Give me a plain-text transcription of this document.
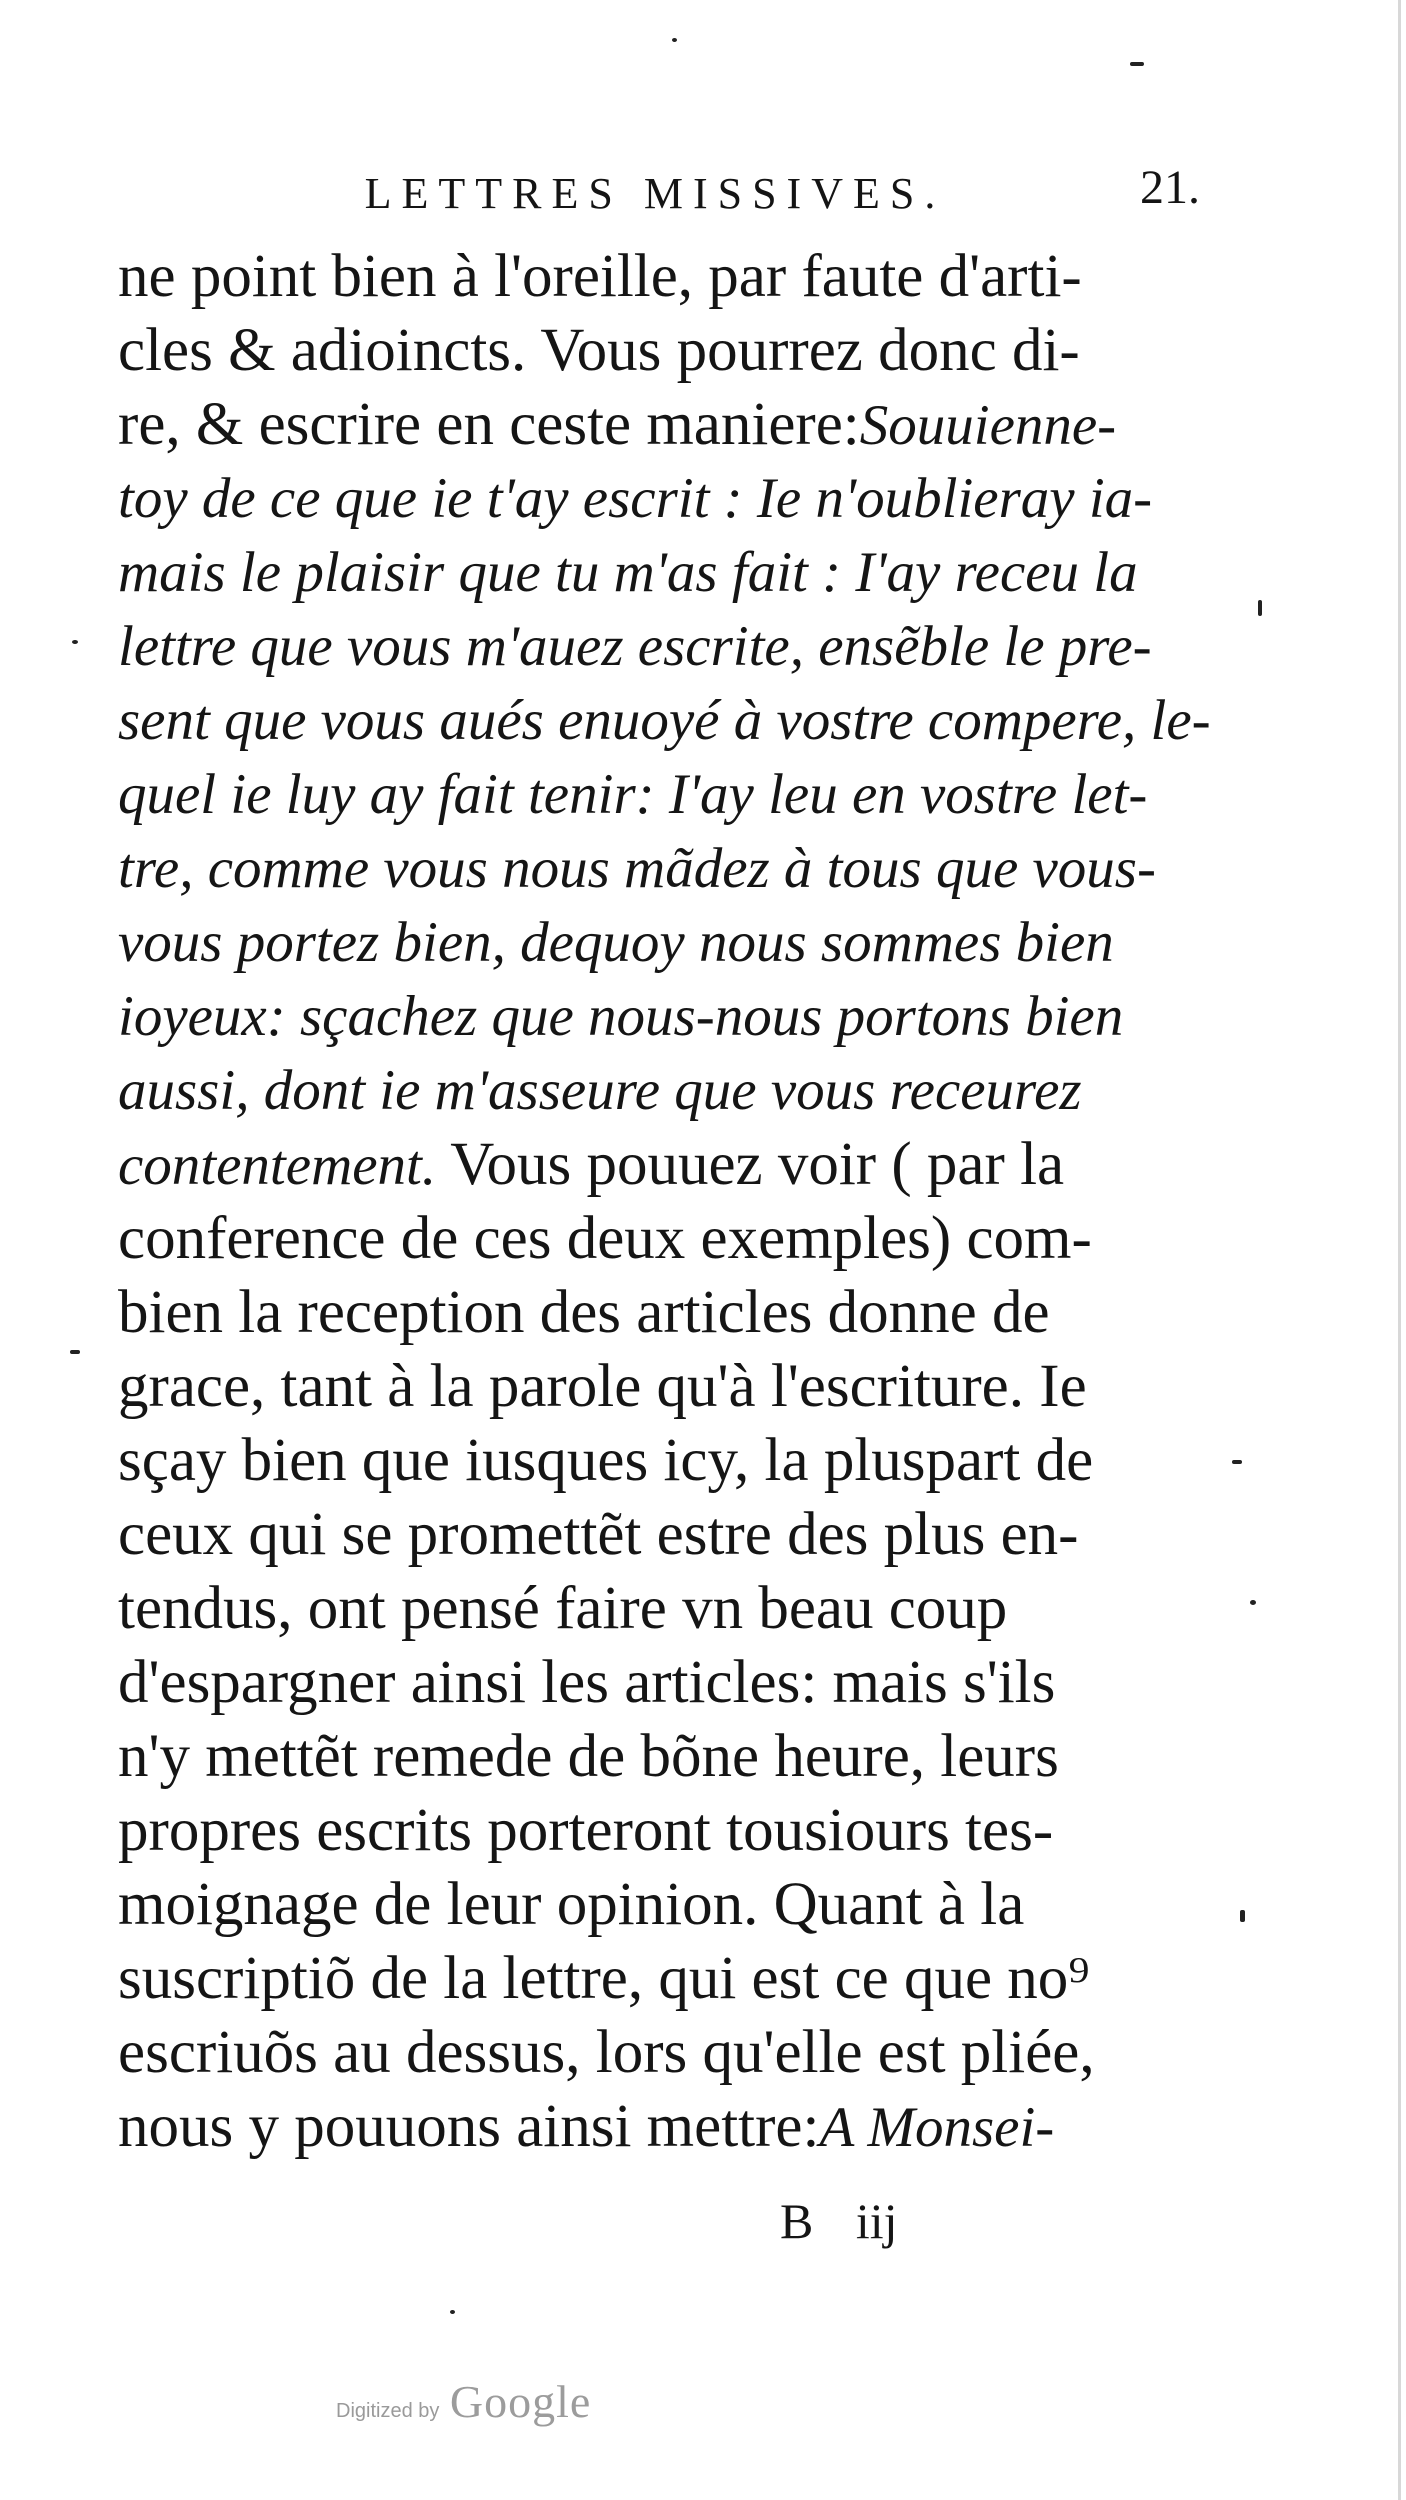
LETTRES MISSIVES.	21.
ne point bien à l'oreille, par faute d'arti-
cles & adioincts. Vous pourrez donc di-
re, & escrire en ceste maniere:Souuienne-
toy de ce que ie t'ay escrit : Ie n'oublieray ia-
mais le plaisir que tu m'as fait : I'ay receu la
lettre que vous m'auez escrite, ensẽble le pre-
sent que vous aués enuoyé à vostre compere, le-
quel ie luy ay fait tenir: I'ay leu en vostre let-
tre, comme vous nous mãdez à tous que vous-
vous portez bien, dequoy nous sommes bien
ioyeux: sçachez que nous-nous portons bien
aussi, dont ie m'asseure que vous receurez
contentement. Vous pouuez voir ( par la
conference de ces deux exemples) com-
bien la reception des articles donne de
grace, tant à la parole qu'à l'escriture. Ie
sçay bien que iusques icy, la pluspart de
ceux qui se promettẽt estre des plus en-
tendus, ont pensé faire vn beau coup
d'espargner ainsi les articles: mais s'ils
n'y mettẽt remede de bõne heure, leurs
propres escrits porteront tousiours tes-
moignage de leur opinion. Quant à la
suscriptiõ de la lettre, qui est ce que no⁹
escriuõs au dessus, lors qu'elle est pliée,
nous y pouuons ainsi mettre:A Monsei-
B iij
Digitized by Google
